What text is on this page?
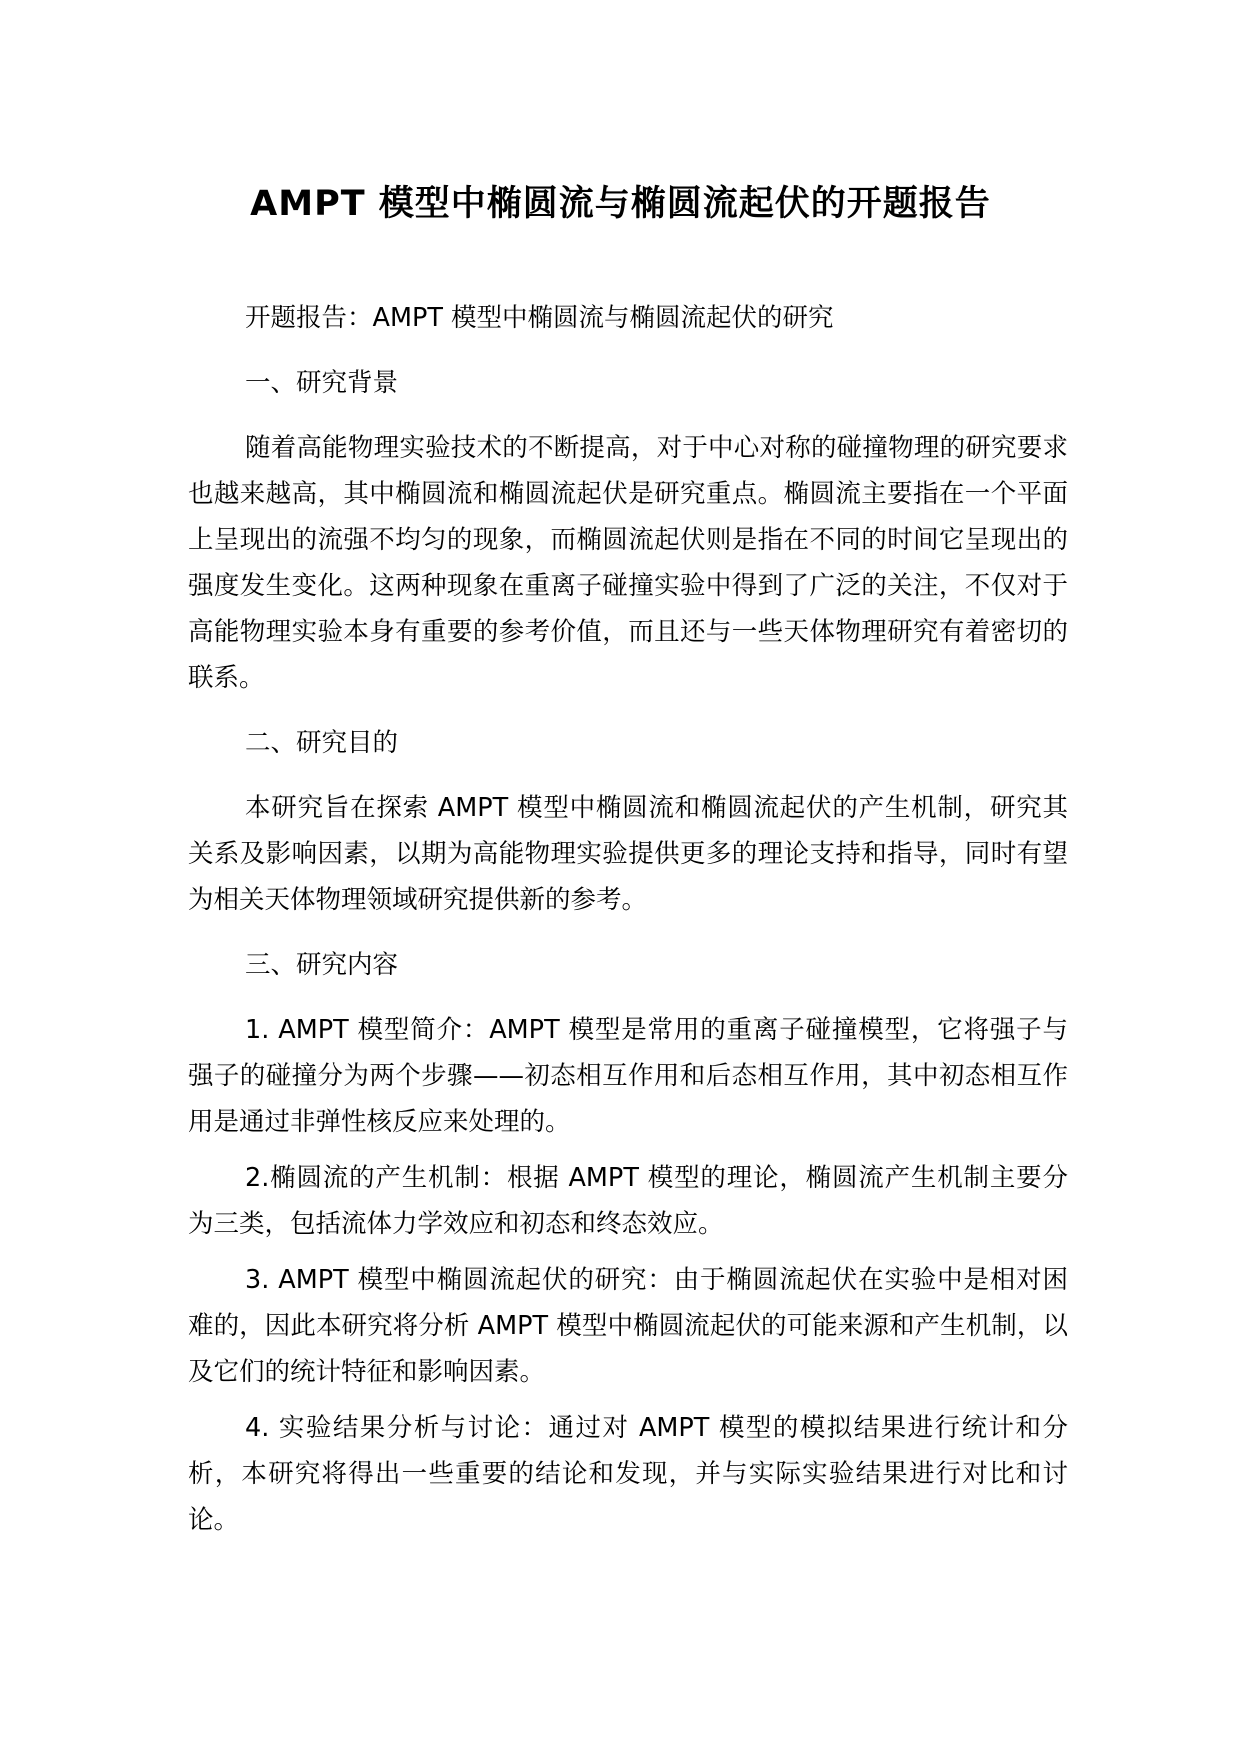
AMPT 模型中椭圆流与椭圆流起伏的开题报告

开题报告：AMPT 模型中椭圆流与椭圆流起伏的研究

一、研究背景

随着高能物理实验技术的不断提高，对于中心对称的碰撞物理的研究要求也越来越高，其中椭圆流和椭圆流起伏是研究重点。椭圆流主要指在一个平面上呈现出的流强不均匀的现象，而椭圆流起伏则是指在不同的时间它呈现出的强度发生变化。这两种现象在重离子碰撞实验中得到了广泛的关注，不仅对于高能物理实验本身有重要的参考价值，而且还与一些天体物理研究有着密切的联系。

二、研究目的

本研究旨在探索 AMPT 模型中椭圆流和椭圆流起伏的产生机制，研究其关系及影响因素，以期为高能物理实验提供更多的理论支持和指导，同时有望为相关天体物理领域研究提供新的参考。

三、研究内容

1. AMPT 模型简介：AMPT 模型是常用的重离子碰撞模型，它将强子与强子的碰撞分为两个步骤——初态相互作用和后态相互作用，其中初态相互作用是通过非弹性核反应来处理的。

2.椭圆流的产生机制：根据 AMPT 模型的理论，椭圆流产生机制主要分为三类，包括流体力学效应和初态和终态效应。

3. AMPT 模型中椭圆流起伏的研究：由于椭圆流起伏在实验中是相对困难的，因此本研究将分析 AMPT 模型中椭圆流起伏的可能来源和产生机制，以及它们的统计特征和影响因素。

4. 实验结果分析与讨论：通过对 AMPT 模型的模拟结果进行统计和分析，本研究将得出一些重要的结论和发现，并与实际实验结果进行对比和讨论。
